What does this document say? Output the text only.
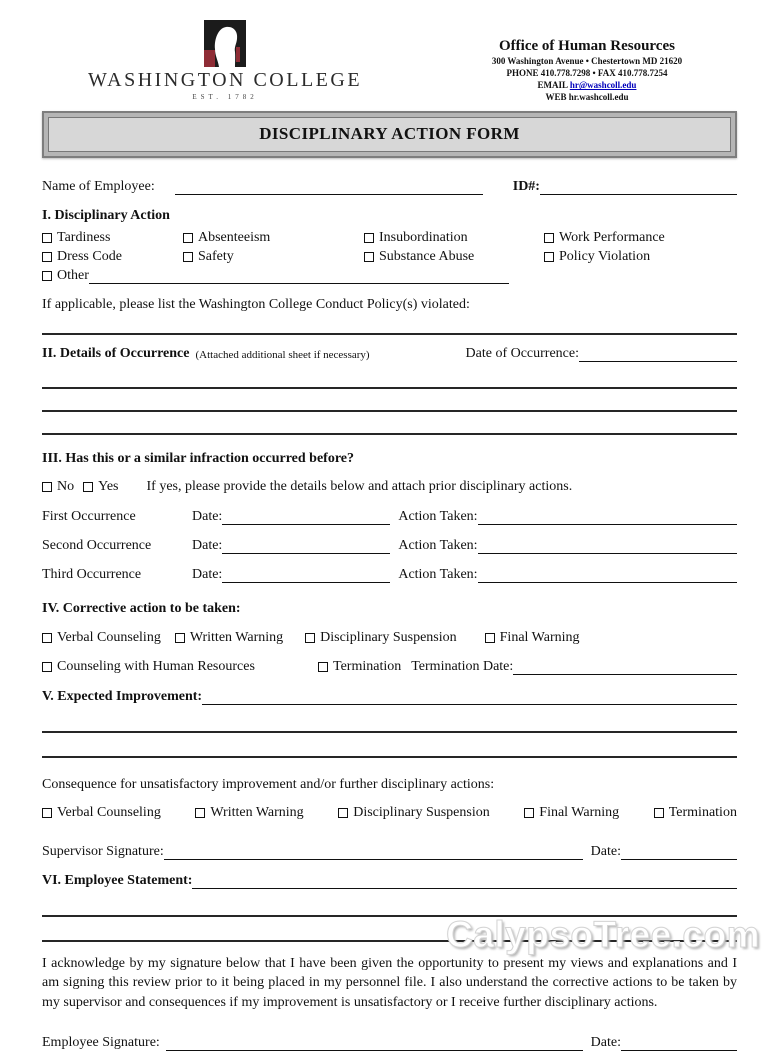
WASHINGTON COLLEGE
EST. 1782
Office of Human Resources
300 Washington Avenue • Chestertown MD 21620
PHONE 410.778.7298 • FAX 410.778.7254
EMAIL hr@washcoll.edu
WEB hr.washcoll.edu
DISCIPLINARY ACTION FORM
Name of Employee:	ID#:
I. Disciplinary Action
Tardiness	Absenteeism	Insubordination	Work Performance
Dress Code	Safety	Substance Abuse	Policy Violation
Other
If applicable, please list the Washington College Conduct Policy(s) violated:
II. Details of Occurrence (Attached additional sheet if necessary)	Date of Occurrence:
III. Has this or a similar infraction occurred before?
No Yes If yes, please provide the details below and attach prior disciplinary actions.
First Occurrence	Date:	Action Taken:
Second Occurrence	Date:	Action Taken:
Third Occurrence	Date:	Action Taken:
IV. Corrective action to be taken:
Verbal Counseling Written Warning	Disciplinary Suspension	Final Warning
Counseling with Human Resources	Termination Termination Date:
V. Expected Improvement:
Consequence for unsatisfactory improvement and/or further disciplinary actions:
Verbal Counseling	Written Warning	Disciplinary Suspension	Final Warning	Termination
Supervisor Signature:	Date:
VI. Employee Statement:

I acknowledge by my signature below that I have been given the opportunity to present my views and explanations and I am signing this review prior to it being placed in my personnel file. I also understand the corrective actions to be taken by my supervisor and consequences if my improvement is unsatisfactory or I receive further disciplinary actions.

Employee Signature:	Date:
CalypsoTree.com
